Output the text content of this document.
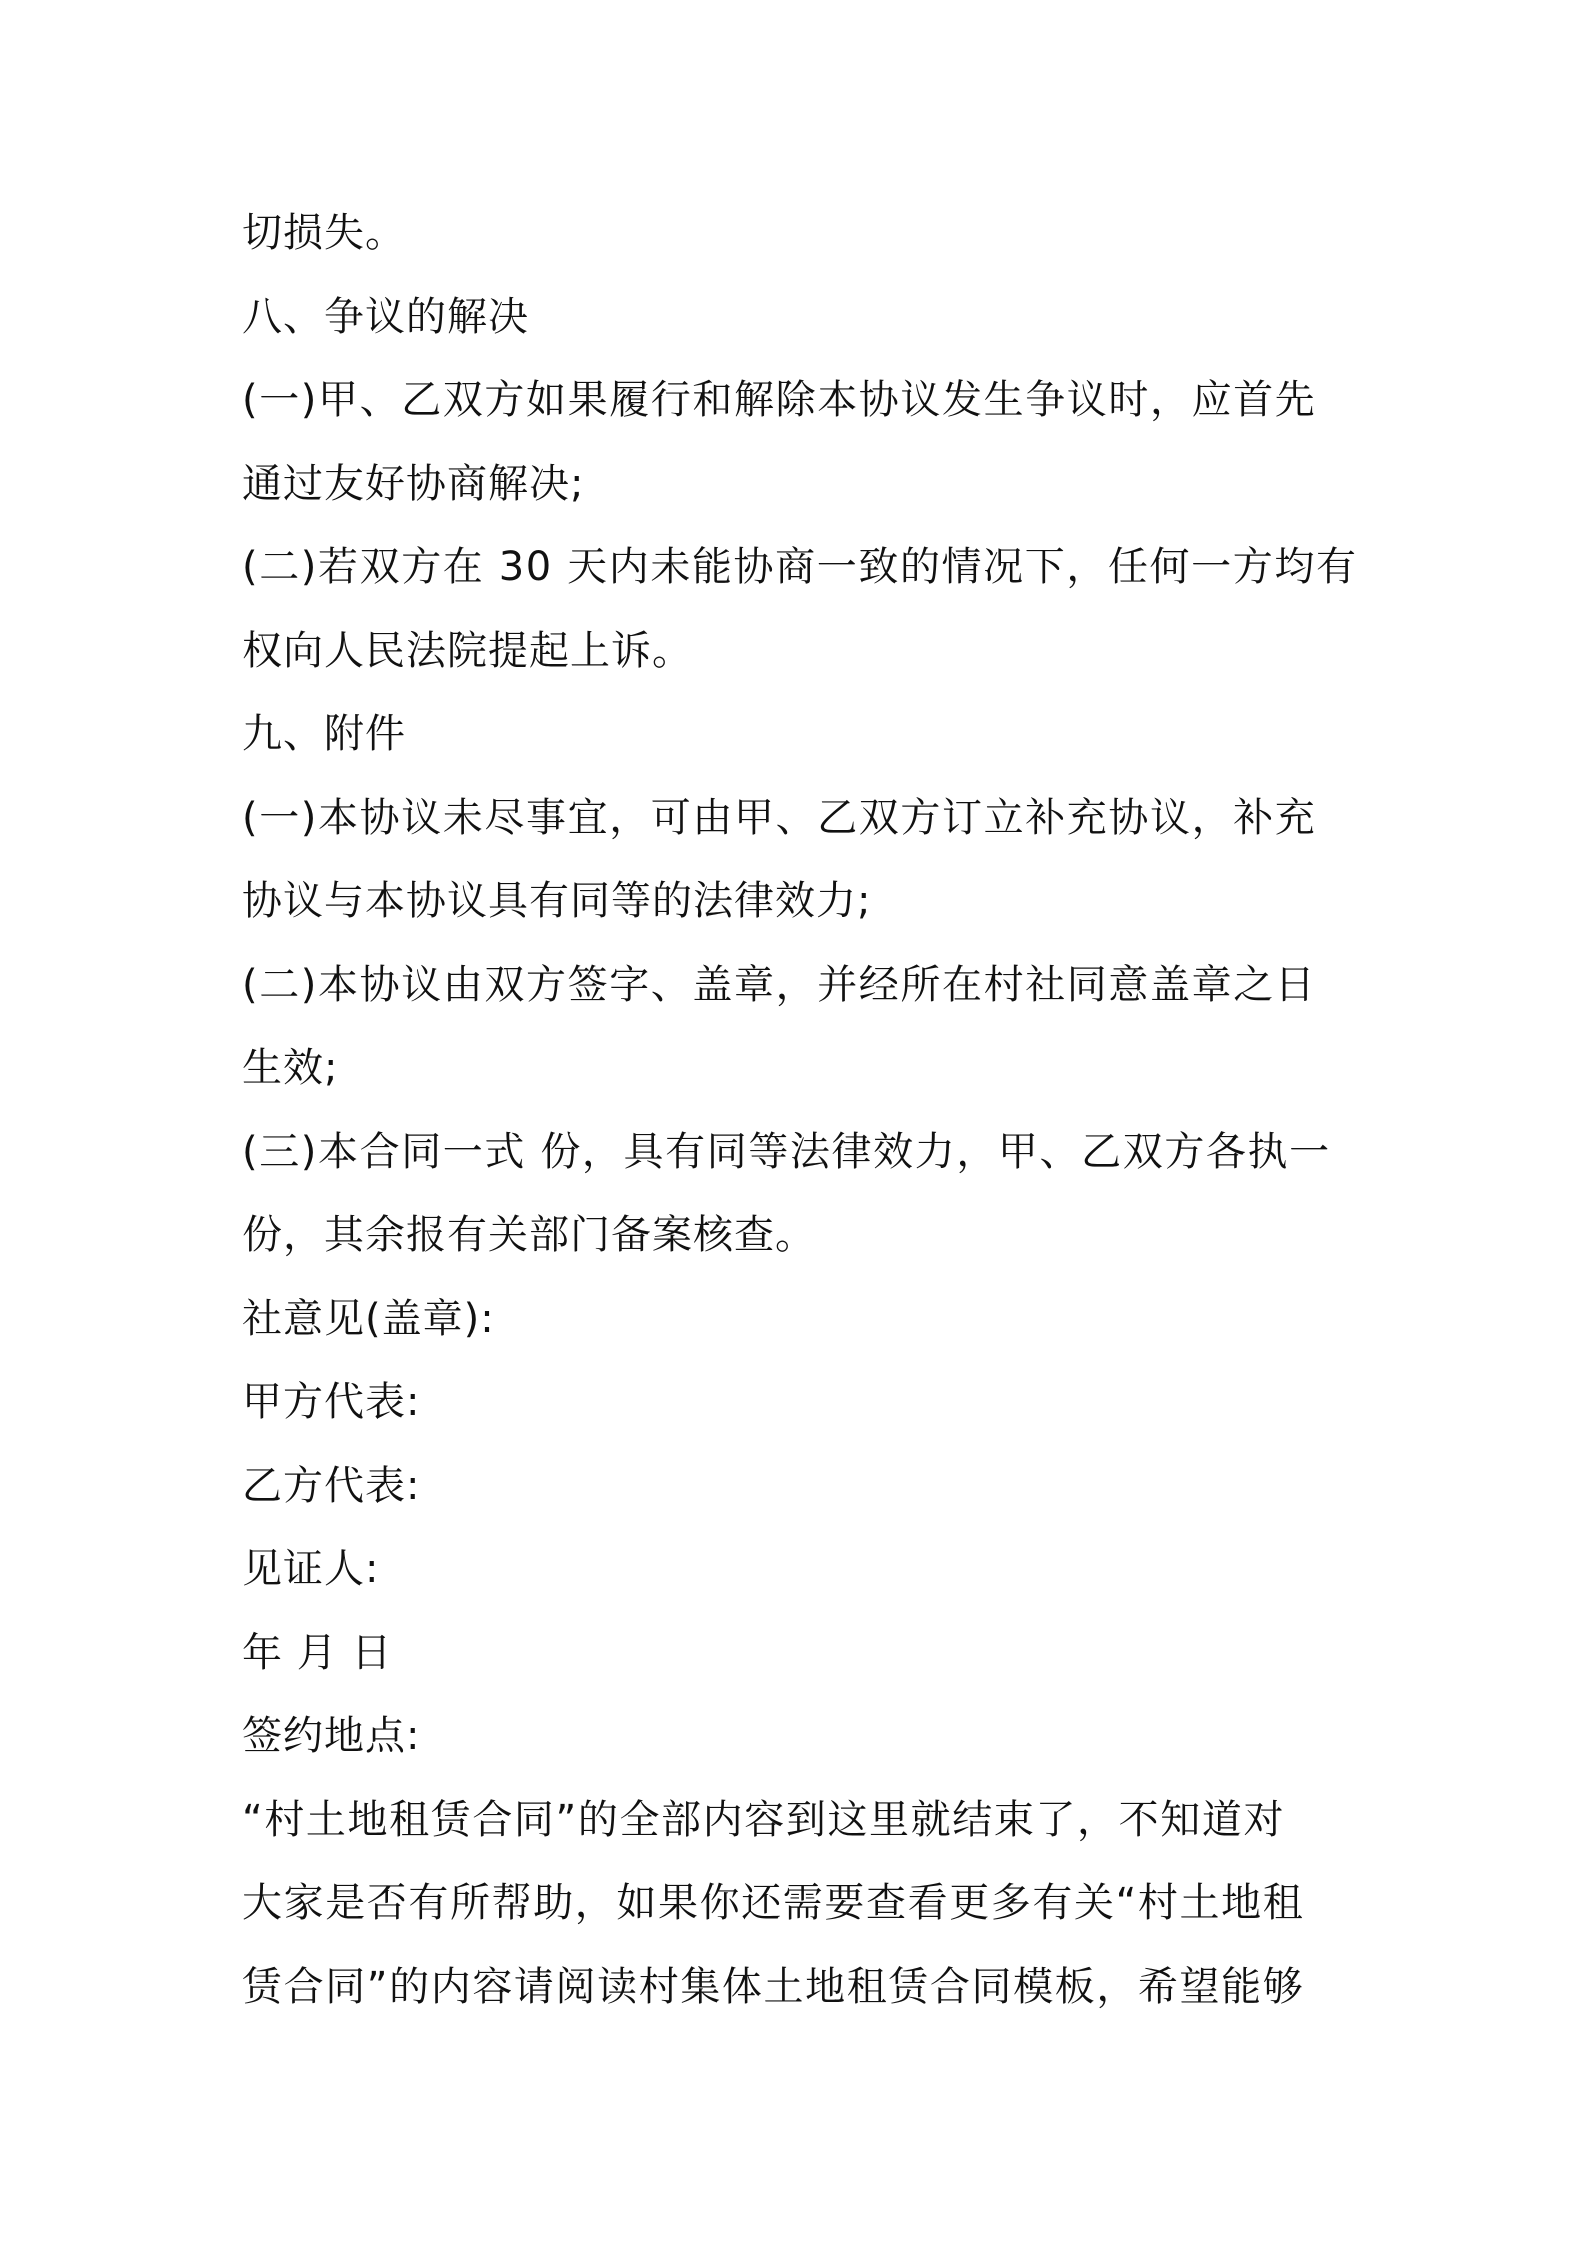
切损失。
八、争议的解决
(一)甲、乙双方如果履行和解除本协议发生争议时，应首先
通过友好协商解决;
(二)若双方在 30 天内未能协商一致的情况下，任何一方均有
权向人民法院提起上诉。
九、附件
(一)本协议未尽事宜，可由甲、乙双方订立补充协议，补充
协议与本协议具有同等的法律效力;
(二)本协议由双方签字、盖章，并经所在村社同意盖章之日
生效;
(三)本合同一式 份，具有同等法律效力，甲、乙双方各执一
份，其余报有关部门备案核查。
社意见(盖章):
甲方代表:
乙方代表:
见证人:
年 月 日
签约地点:
“村土地租赁合同”的全部内容到这里就结束了，不知道对
大家是否有所帮助，如果你还需要查看更多有关“村土地租
赁合同”的内容请阅读村集体土地租赁合同模板，希望能够
